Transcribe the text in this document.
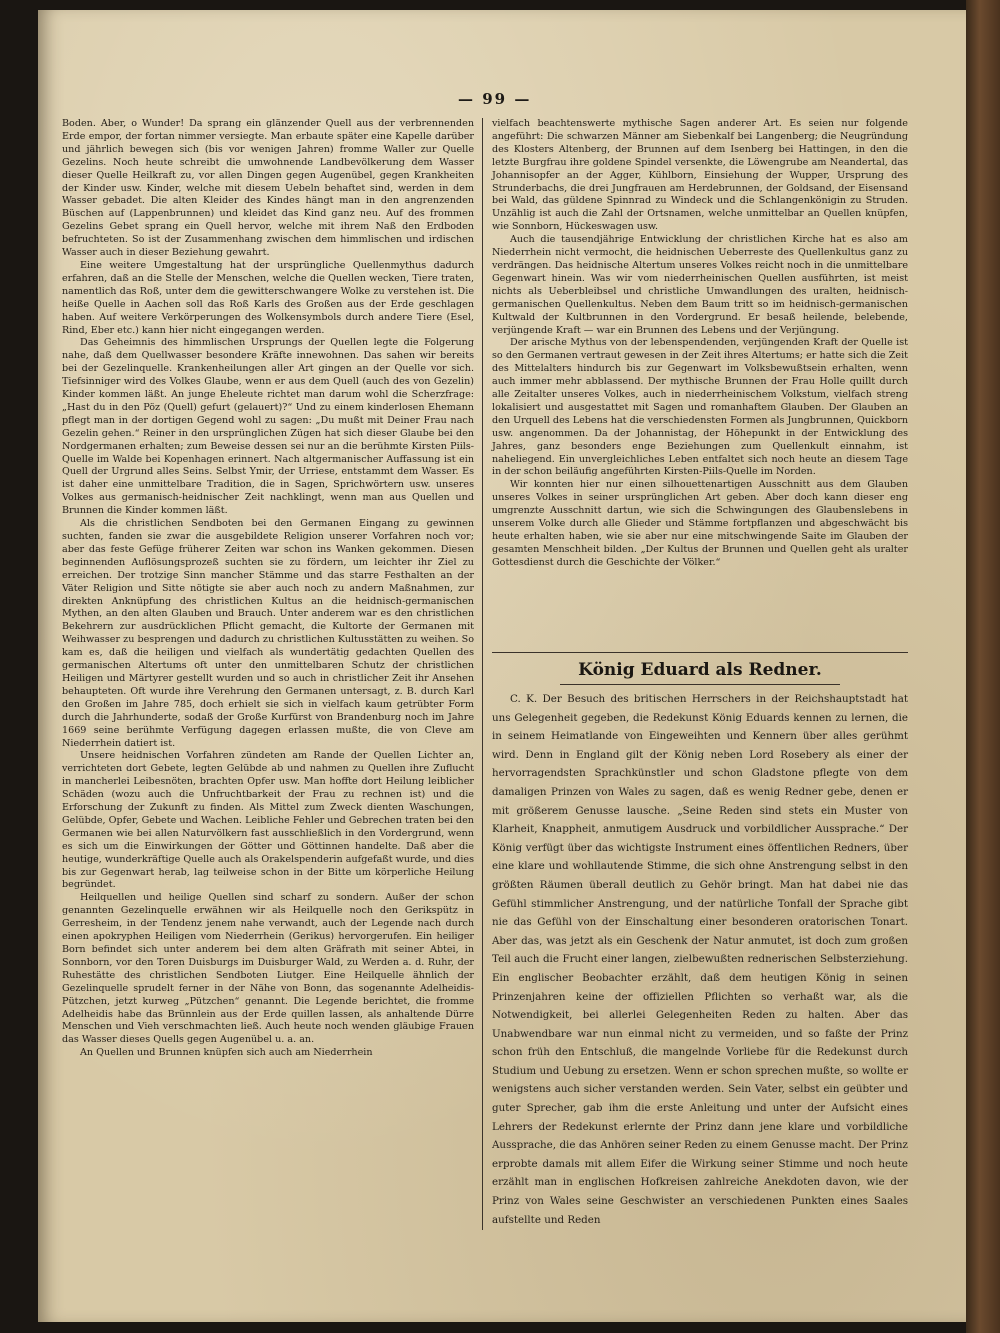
— 99 —

Boden. Aber, o Wunder! Da sprang ein glänzender Quell aus der verbrennenden Erde empor, der fortan nimmer versiegte. Man erbaute später eine Kapelle darüber und jährlich bewegen sich (bis vor wenigen Jahren) fromme Waller zur Quelle Gezelins. Noch heute schreibt die umwohnende Landbevölkerung dem Wasser dieser Quelle Heilkraft zu, vor allen Dingen gegen Augenübel, gegen Krankheiten der Kinder usw. Kinder, welche mit diesem Uebeln behaftet sind, werden in dem Wasser gebadet. Die alten Kleider des Kindes hängt man in den angrenzenden Büschen auf (Lappenbrunnen) und kleidet das Kind ganz neu. Auf des frommen Gezelins Gebet sprang ein Quell hervor, welche mit ihrem Naß den Erdboden befruchteten. So ist der Zusammenhang zwischen dem himmlischen und irdischen Wasser auch in dieser Beziehung gewahrt.

Eine weitere Umgestaltung hat der ursprüngliche Quellenmythus dadurch erfahren, daß an die Stelle der Menschen, welche die Quellen wecken, Tiere traten, namentlich das Roß, unter dem die gewitterschwangere Wolke zu verstehen ist. Die heiße Quelle in Aachen soll das Roß Karls des Großen aus der Erde geschlagen haben. Auf weitere Verkörperungen des Wolkensymbols durch andere Tiere (Esel, Rind, Eber etc.) kann hier nicht eingegangen werden.

Das Geheimnis des himmlischen Ursprungs der Quellen legte die Folgerung nahe, daß dem Quellwasser besondere Kräfte innewohnen. Das sahen wir bereits bei der Gezelinquelle. Krankenheilungen aller Art gingen an der Quelle vor sich. Tiefsinniger wird des Volkes Glaube, wenn er aus dem Quell (auch des von Gezelin) Kinder kommen läßt. An junge Eheleute richtet man darum wohl die Scherzfrage: „Hast du in den Pöz (Quell) gefurt (gelauert)?“ Und zu einem kinderlosen Ehemann pflegt man in der dortigen Gegend wohl zu sagen: „Du mußt mit Deiner Frau nach Gezelin gehen.“ Reiner in den ursprünglichen Zügen hat sich dieser Glaube bei den Nordgermanen erhalten; zum Beweise dessen sei nur an die berühmte Kirsten Piils-Quelle im Walde bei Kopenhagen erinnert. Nach altgermanischer Auffassung ist ein Quell der Urgrund alles Seins. Selbst Ymir, der Urriese, entstammt dem Wasser. Es ist daher eine unmittelbare Tradition, die in Sagen, Sprichwörtern usw. unseres Volkes aus germanisch-heidnischer Zeit nachklingt, wenn man aus Quellen und Brunnen die Kinder kommen läßt.

Als die christlichen Sendboten bei den Germanen Eingang zu gewinnen suchten, fanden sie zwar die ausgebildete Religion unserer Vorfahren noch vor; aber das feste Gefüge früherer Zeiten war schon ins Wanken gekommen. Diesen beginnenden Auflösungsprozeß suchten sie zu fördern, um leichter ihr Ziel zu erreichen. Der trotzige Sinn mancher Stämme und das starre Festhalten an der Väter Religion und Sitte nötigte sie aber auch noch zu andern Maßnahmen, zur direkten Anknüpfung des christlichen Kultus an die heidnisch-germanischen Mythen, an den alten Glauben und Brauch. Unter anderem war es den christlichen Bekehrern zur ausdrücklichen Pflicht gemacht, die Kultorte der Germanen mit Weihwasser zu besprengen und dadurch zu christlichen Kultusstätten zu weihen. So kam es, daß die heiligen und vielfach als wundertätig gedachten Quellen des germanischen Altertums oft unter den unmittelbaren Schutz der christlichen Heiligen und Märtyrer gestellt wurden und so auch in christlicher Zeit ihr Ansehen behaupteten. Oft wurde ihre Verehrung den Germanen untersagt, z. B. durch Karl den Großen im Jahre 785, doch erhielt sie sich in vielfach kaum getrübter Form durch die Jahrhunderte, sodaß der Große Kurfürst von Brandenburg noch im Jahre 1669 seine berühmte Verfügung dagegen erlassen mußte, die von Cleve am Niederrhein datiert ist.

Unsere heidnischen Vorfahren zündeten am Rande der Quellen Lichter an, verrichteten dort Gebete, legten Gelübde ab und nahmen zu Quellen ihre Zuflucht in mancherlei Leibesnöten, brachten Opfer usw. Man hoffte dort Heilung leiblicher Schäden (wozu auch die Unfruchtbarkeit der Frau zu rechnen ist) und die Erforschung der Zukunft zu finden. Als Mittel zum Zweck dienten Waschungen, Gelübde, Opfer, Gebete und Wachen. Leibliche Fehler und Gebrechen traten bei den Germanen wie bei allen Naturvölkern fast ausschließlich in den Vordergrund, wenn es sich um die Einwirkungen der Götter und Göttinnen handelte. Daß aber die heutige, wunderkräftige Quelle auch als Orakelspenderin aufgefaßt wurde, und dies bis zur Gegenwart herab, lag teilweise schon in der Bitte um körperliche Heilung begründet.

Heilquellen und heilige Quellen sind scharf zu sondern. Außer der schon genannten Gezelinquelle erwähnen wir als Heilquelle noch den Gerikspütz in Gerresheim, in der Tendenz jenem nahe verwandt, auch der Legende nach durch einen apokryphen Heiligen vom Niederrhein (Gerikus) hervorgerufen. Ein heiliger Born befindet sich unter anderem bei dem alten Gräfrath mit seiner Abtei, in Sonnborn, vor den Toren Duisburgs im Duisburger Wald, zu Werden a. d. Ruhr, der Ruhestätte des christlichen Sendboten Liutger. Eine Heilquelle ähnlich der Gezelinquelle sprudelt ferner in der Nähe von Bonn, das sogenannte Adelheidis-Pützchen, jetzt kurweg „Pützchen“ genannt. Die Legende berichtet, die fromme Adelheidis habe das Brünnlein aus der Erde quillen lassen, als anhaltende Dürre Menschen und Vieh verschmachten ließ. Auch heute noch wenden gläubige Frauen das Wasser dieses Quells gegen Augenübel u. a. an.

An Quellen und Brunnen knüpfen sich auch am Niederrhein

vielfach beachtenswerte mythische Sagen anderer Art. Es seien nur folgende angeführt: Die schwarzen Männer am Siebenkalf bei Langenberg; die Neugründung des Klosters Altenberg, der Brunnen auf dem Isenberg bei Hattingen, in den die letzte Burgfrau ihre goldene Spindel versenkte, die Löwengrube am Neandertal, das Johannisopfer an der Agger, Kühlborn, Einsiehung der Wupper, Ursprung des Strunderbachs, die drei Jungfrauen am Herdebrunnen, der Goldsand, der Eisensand bei Wald, das güldene Spinnrad zu Windeck und die Schlangenkönigin zu Struden. Unzählig ist auch die Zahl der Ortsnamen, welche unmittelbar an Quellen knüpfen, wie Sonnborn, Hückeswagen usw.

Auch die tausendjährige Entwicklung der christlichen Kirche hat es also am Niederrhein nicht vermocht, die heidnischen Ueberreste des Quellenkultus ganz zu verdrängen. Das heidnische Altertum unseres Volkes reicht noch in die unmittelbare Gegenwart hinein. Was wir vom niederrheinischen Quellen ausführten, ist meist nichts als Ueberbleibsel und christliche Umwandlungen des uralten, heidnisch-germanischen Quellenkultus. Neben dem Baum tritt so im heidnisch-germanischen Kultwald der Kultbrunnen in den Vordergrund. Er besaß heilende, belebende, verjüngende Kraft — war ein Brunnen des Lebens und der Verjüngung.

Der arische Mythus von der lebenspendenden, verjüngenden Kraft der Quelle ist so den Germanen vertraut gewesen in der Zeit ihres Altertums; er hatte sich die Zeit des Mittelalters hindurch bis zur Gegenwart im Volksbewußtsein erhalten, wenn auch immer mehr abblassend. Der mythische Brunnen der Frau Holle quillt durch alle Zeitalter unseres Volkes, auch in niederrheinischem Volkstum, vielfach streng lokalisiert und ausgestattet mit Sagen und romanhaftem Glauben. Der Glauben an den Urquell des Lebens hat die verschiedensten Formen als Jungbrunnen, Quickborn usw. angenommen. Da der Johannistag, der Höhepunkt in der Entwicklung des Jahres, ganz besonders enge Beziehungen zum Quellenkult einnahm, ist naheliegend. Ein unvergleichliches Leben entfaltet sich noch heute an diesem Tage in der schon beiläufig angeführten Kirsten-Piils-Quelle im Norden.

Wir konnten hier nur einen silhouettenartigen Ausschnitt aus dem Glauben unseres Volkes in seiner ursprünglichen Art geben. Aber doch kann dieser eng umgrenzte Ausschnitt dartun, wie sich die Schwingungen des Glaubenslebens in unserem Volke durch alle Glieder und Stämme fortpflanzen und abgeschwächt bis heute erhalten haben, wie sie aber nur eine mitschwingende Saite im Glauben der gesamten Menschheit bilden. „Der Kultus der Brunnen und Quellen geht als uralter Gottesdienst durch die Geschichte der Völker.“

König Eduard als Redner.

C. K. Der Besuch des britischen Herrschers in der Reichshauptstadt hat uns Gelegenheit gegeben, die Redekunst König Eduards kennen zu lernen, die in seinem Heimatlande von Eingeweihten und Kennern über alles gerühmt wird. Denn in England gilt der König neben Lord Rosebery als einer der hervorragendsten Sprachkünstler und schon Gladstone pflegte von dem damaligen Prinzen von Wales zu sagen, daß es wenig Redner gebe, denen er mit größerem Genusse lausche. „Seine Reden sind stets ein Muster von Klarheit, Knappheit, anmutigem Ausdruck und vorbildlicher Aussprache.“ Der König verfügt über das wichtigste Instrument eines öffentlichen Redners, über eine klare und wohllautende Stimme, die sich ohne Anstrengung selbst in den größten Räumen überall deutlich zu Gehör bringt. Man hat dabei nie das Gefühl stimmlicher Anstrengung, und der natürliche Tonfall der Sprache gibt nie das Gefühl von der Einschaltung einer besonderen oratorischen Tonart. Aber das, was jetzt als ein Geschenk der Natur anmutet, ist doch zum großen Teil auch die Frucht einer langen, zielbewußten rednerischen Selbsterziehung. Ein englischer Beobachter erzählt, daß dem heutigen König in seinen Prinzenjahren keine der offiziellen Pflichten so verhaßt war, als die Notwendigkeit, bei allerlei Gelegenheiten Reden zu halten. Aber das Unabwendbare war nun einmal nicht zu vermeiden, und so faßte der Prinz schon früh den Entschluß, die mangelnde Vorliebe für die Redekunst durch Studium und Uebung zu ersetzen. Wenn er schon sprechen mußte, so wollte er wenigstens auch sicher verstanden werden. Sein Vater, selbst ein geübter und guter Sprecher, gab ihm die erste Anleitung und unter der Aufsicht eines Lehrers der Redekunst erlernte der Prinz dann jene klare und vorbildliche Aussprache, die das Anhören seiner Reden zu einem Genusse macht. Der Prinz erprobte damals mit allem Eifer die Wirkung seiner Stimme und noch heute erzählt man in englischen Hofkreisen zahlreiche Anekdoten davon, wie der Prinz von Wales seine Geschwister an verschiedenen Punkten eines Saales aufstellte und Reden
